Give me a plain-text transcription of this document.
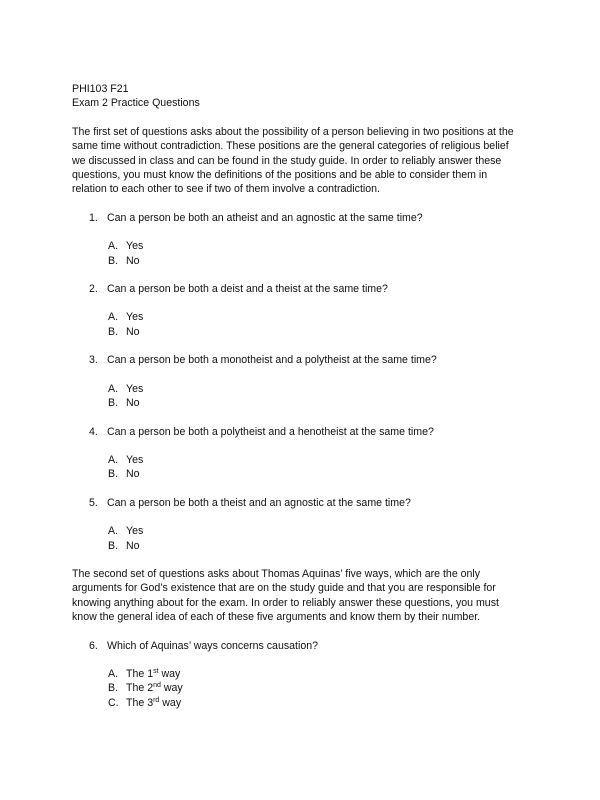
PHI103 F21
Exam 2 Practice Questions
The first set of questions asks about the possibility of a person believing in two positions at the
same time without contradiction. These positions are the general categories of religious belief
we discussed in class and can be found in the study guide. In order to reliably answer these
questions, you must know the definitions of the positions and be able to consider them in
relation to each other to see if two of them involve a contradiction.
1. Can a person be both an atheist and an agnostic at the same time?
A. Yes
B. No
2. Can a person be both a deist and a theist at the same time?
A. Yes
B. No
3. Can a person be both a monotheist and a polytheist at the same time?
A. Yes
B. No
4. Can a person be both a polytheist and a henotheist at the same time?
A. Yes
B. No
5. Can a person be both a theist and an agnostic at the same time?
A. Yes
B. No
The second set of questions asks about Thomas Aquinas’ five ways, which are the only
arguments for God’s existence that are on the study guide and that you are responsible for
knowing anything about for the exam. In order to reliably answer these questions, you must
know the general idea of each of these five arguments and know them by their number.
6. Which of Aquinas’ ways concerns causation?
A. The 1st way
B. The 2nd way
C. The 3rd way
